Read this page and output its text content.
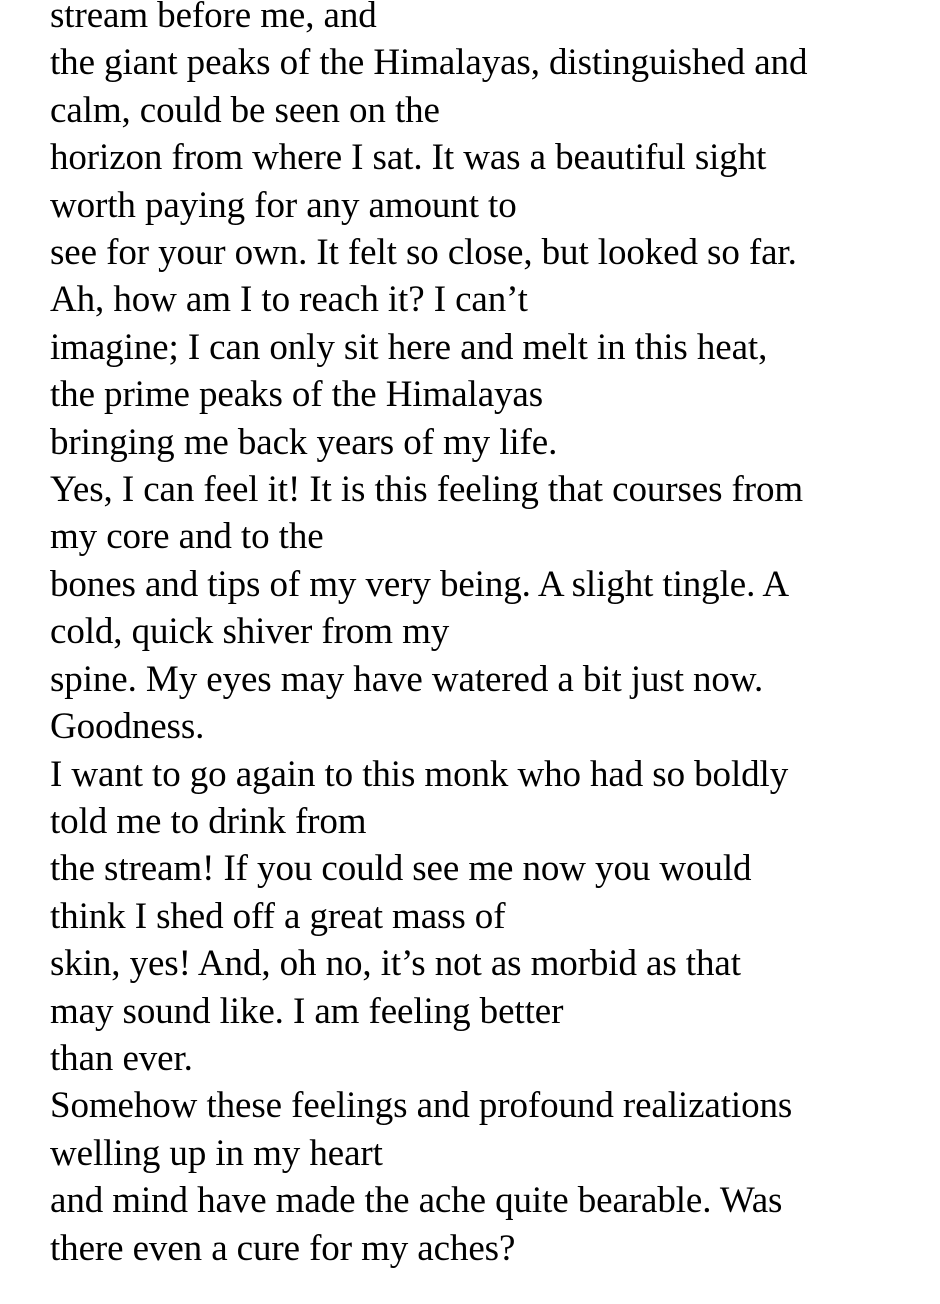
stream before me, and
the giant peaks of the Himalayas, distinguished and
calm, could be seen on the
horizon from where I sat. It was a beautiful sight
worth paying for any amount to
see for your own. It felt so close, but looked so far.
Ah, how am I to reach it? I can’t
imagine; I can only sit here and melt in this heat,
the prime peaks of the Himalayas
bringing me back years of my life.
Yes, I can feel it! It is this feeling that courses from
my core and to the
bones and tips of my very being. A slight tingle. A
cold, quick shiver from my
spine. My eyes may have watered a bit just now.
Goodness.
I want to go again to this monk who had so boldly
told me to drink from
the stream! If you could see me now you would
think I shed off a great mass of
skin, yes! And, oh no, it’s not as morbid as that
may sound like. I am feeling better
than ever.
Somehow these feelings and profound realizations
welling up in my heart
and mind have made the ache quite bearable. Was
there even a cure for my aches?
